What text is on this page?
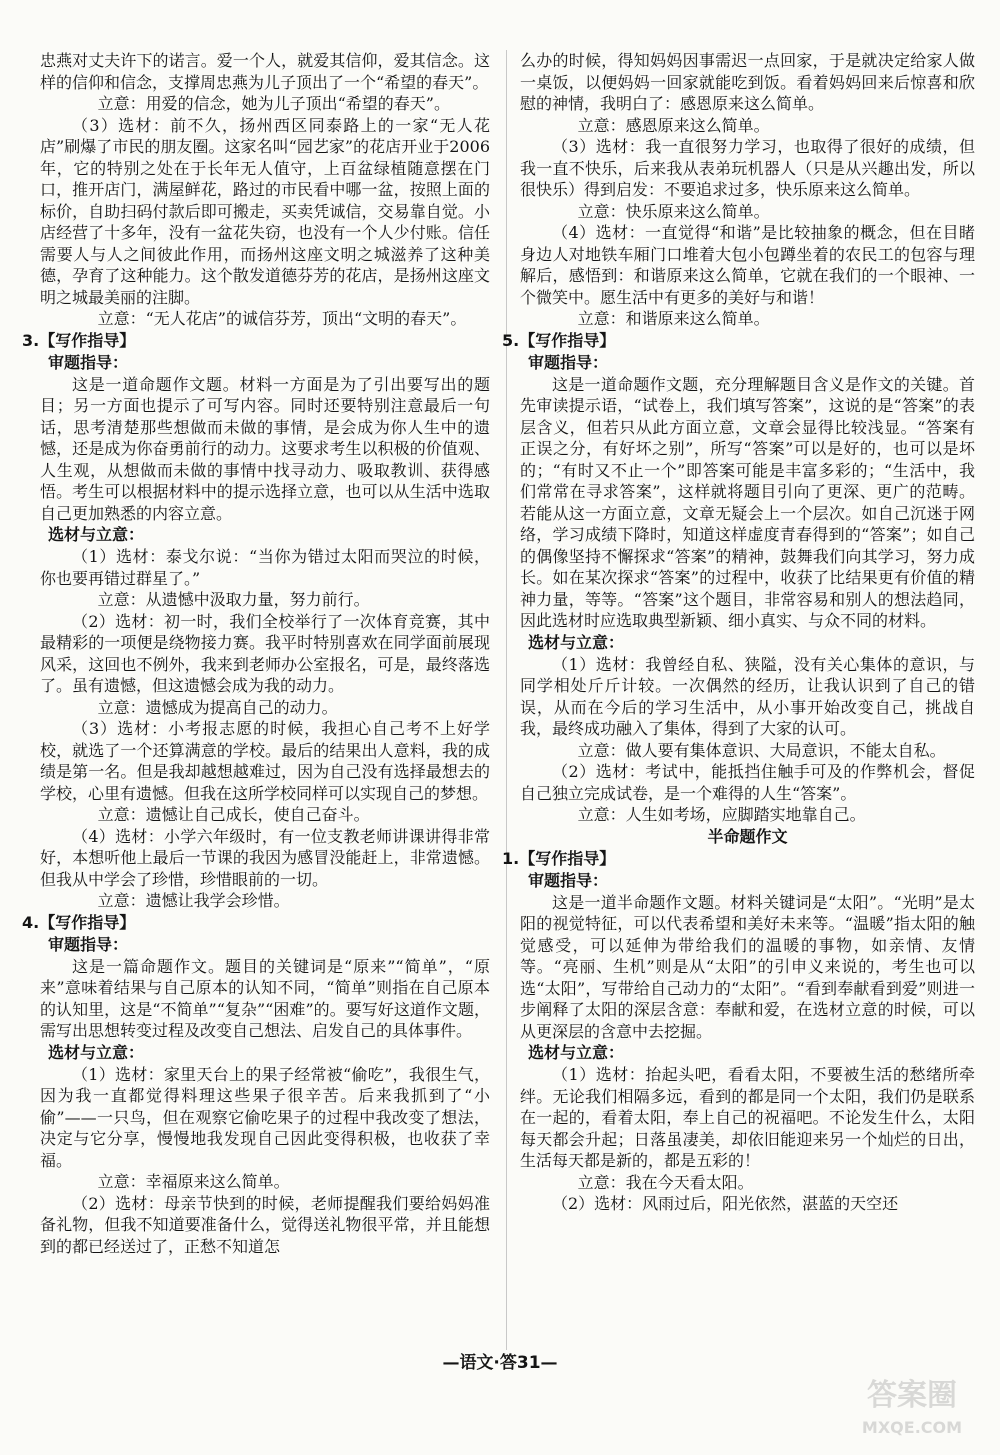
忠燕对丈夫许下的诺言。爱一个人，就爱其信仰，爱其信念。这样的信仰和信念，支撑周忠燕为儿子顶出了一个“希望的春天”。

立意：用爱的信念，她为儿子顶出“希望的春天”。

（3）选材：前不久，扬州西区同泰路上的一家“无人花店”刷爆了市民的朋友圈。这家名叫“园艺家”的花店开业于2006年，它的特别之处在于长年无人值守，上百盆绿植随意摆在门口，推开店门，满屋鲜花，路过的市民看中哪一盆，按照上面的标价，自助扫码付款后即可搬走，买卖凭诚信，交易靠自觉。小店经营了十多年，没有一盆花失窃，也没有一个人少付账。信任需要人与人之间彼此作用，而扬州这座文明之城滋养了这种美德，孕育了这种能力。这个散发道德芬芳的花店，是扬州这座文明之城最美丽的注脚。

立意：“无人花店”的诚信芬芳，顶出“文明的春天”。

3.【写作指导】

审题指导：

这是一道命题作文题。材料一方面是为了引出要写出的题目；另一方面也提示了可写内容。同时还要特别注意最后一句话，思考清楚那些想做而未做的事情，是会成为你人生中的遗憾，还是成为你奋勇前行的动力。这要求考生以积极的价值观、人生观，从想做而未做的事情中找寻动力、吸取教训、获得感悟。考生可以根据材料中的提示选择立意，也可以从生活中选取自己更加熟悉的内容立意。

选材与立意：

（1）选材：泰戈尔说：“当你为错过太阳而哭泣的时候，你也要再错过群星了。”

立意：从遗憾中汲取力量，努力前行。

（2）选材：初一时，我们全校举行了一次体育竞赛，其中最精彩的一项便是绕物接力赛。我平时特别喜欢在同学面前展现风采，这回也不例外，我来到老师办公室报名，可是，最终落选了。虽有遗憾，但这遗憾会成为我的动力。

立意：遗憾成为提高自己的动力。

（3）选材：小考报志愿的时候，我担心自己考不上好学校，就选了一个还算满意的学校。最后的结果出人意料，我的成绩是第一名。但是我却越想越难过，因为自己没有选择最想去的学校，心里有遗憾。但我在这所学校同样可以实现自己的梦想。

立意：遗憾让自己成长，使自己奋斗。

（4）选材：小学六年级时，有一位支教老师讲课讲得非常好，本想听他上最后一节课的我因为感冒没能赶上，非常遗憾。但我从中学会了珍惜，珍惜眼前的一切。

立意：遗憾让我学会珍惜。

4.【写作指导】

审题指导：

这是一篇命题作文。题目的关键词是“原来”“简单”，“原来”意味着结果与自己原本的认知不同，“简单”则指在自己原本的认知里，这是“不简单”“复杂”“困难”的。要写好这道作文题，需写出思想转变过程及改变自己想法、启发自己的具体事件。

选材与立意：

（1）选材：家里天台上的果子经常被“偷吃”，我很生气，因为我一直都觉得料理这些果子很辛苦。后来我抓到了“小偷”——一只鸟，但在观察它偷吃果子的过程中我改变了想法，决定与它分享，慢慢地我发现自己因此变得积极，也收获了幸福。

立意：幸福原来这么简单。

（2）选材：母亲节快到的时候，老师提醒我们要给妈妈准备礼物，但我不知道要准备什么，觉得送礼物很平常，并且能想到的都已经送过了，正愁不知道怎

么办的时候，得知妈妈因事需迟一点回家，于是就决定给家人做一桌饭，以便妈妈一回家就能吃到饭。看着妈妈回来后惊喜和欣慰的神情，我明白了：感恩原来这么简单。

立意：感恩原来这么简单。

（3）选材：我一直很努力学习，也取得了很好的成绩，但我一直不快乐，后来我从表弟玩机器人（只是从兴趣出发，所以很快乐）得到启发：不要追求过多，快乐原来这么简单。

立意：快乐原来这么简单。

（4）选材：一直觉得“和谐”是比较抽象的概念，但在目睹身边人对地铁车厢门口堆着大包小包蹲坐着的农民工的包容与理解后，感悟到：和谐原来这么简单，它就在我们的一个眼神、一个微笑中。愿生活中有更多的美好与和谐！

立意：和谐原来这么简单。

5.【写作指导】

审题指导：

这是一道命题作文题，充分理解题目含义是作文的关键。首先审读提示语，“试卷上，我们填写答案”，这说的是“答案”的表层含义，但若只从此方面立意，文章会显得比较浅显。“答案有正误之分，有好坏之别”，所写“答案”可以是好的，也可以是坏的；“有时又不止一个”即答案可能是丰富多彩的；“生活中，我们常常在寻求答案”，这样就将题目引向了更深、更广的范畴。若能从这一方面立意，文章无疑会上一个层次。如自己沉迷于网络，学习成绩下降时，知道这样虚度青春得到的“答案”；如自己的偶像坚持不懈探求“答案”的精神，鼓舞我们向其学习，努力成长。如在某次探求“答案”的过程中，收获了比结果更有价值的精神力量，等等。“答案”这个题目，非常容易和别人的想法趋同，因此选材时应选取典型新颖、细小真实、与众不同的材料。

选材与立意：

（1）选材：我曾经自私、狭隘，没有关心集体的意识，与同学相处斤斤计较。一次偶然的经历，让我认识到了自己的错误，从而在今后的学习生活中，从小事开始改变自己，挑战自我，最终成功融入了集体，得到了大家的认可。

立意：做人要有集体意识、大局意识，不能太自私。

（2）选材：考试中，能抵挡住触手可及的作弊机会，督促自己独立完成试卷，是一个难得的人生“答案”。

立意：人生如考场，应脚踏实地靠自己。

半命题作文

1.【写作指导】

审题指导：

这是一道半命题作文题。材料关键词是“太阳”。“光明”是太阳的视觉特征，可以代表希望和美好未来等。“温暖”指太阳的触觉感受，可以延伸为带给我们的温暖的事物，如亲情、友情等。“亮丽、生机”则是从“太阳”的引申义来说的，考生也可以选“太阳”，写带给自己动力的“太阳”。“看到奉献看到爱”则进一步阐释了太阳的深层含意：奉献和爱，在选材立意的时候，可以从更深层的含意中去挖掘。

选材与立意：

（1）选材：抬起头吧，看看太阳，不要被生活的愁绪所牵绊。无论我们相隔多远，看到的都是同一个太阳，我们仍是联系在一起的，看着太阳，奉上自己的祝福吧。不论发生什么，太阳每天都会升起；日落虽凄美，却依旧能迎来另一个灿烂的日出，生活每天都是新的，都是五彩的！

立意：我在今天看太阳。

（2）选材：风雨过后，阳光依然，湛蓝的天空还

—语文·答31—
答案圈
MXQE.COM
